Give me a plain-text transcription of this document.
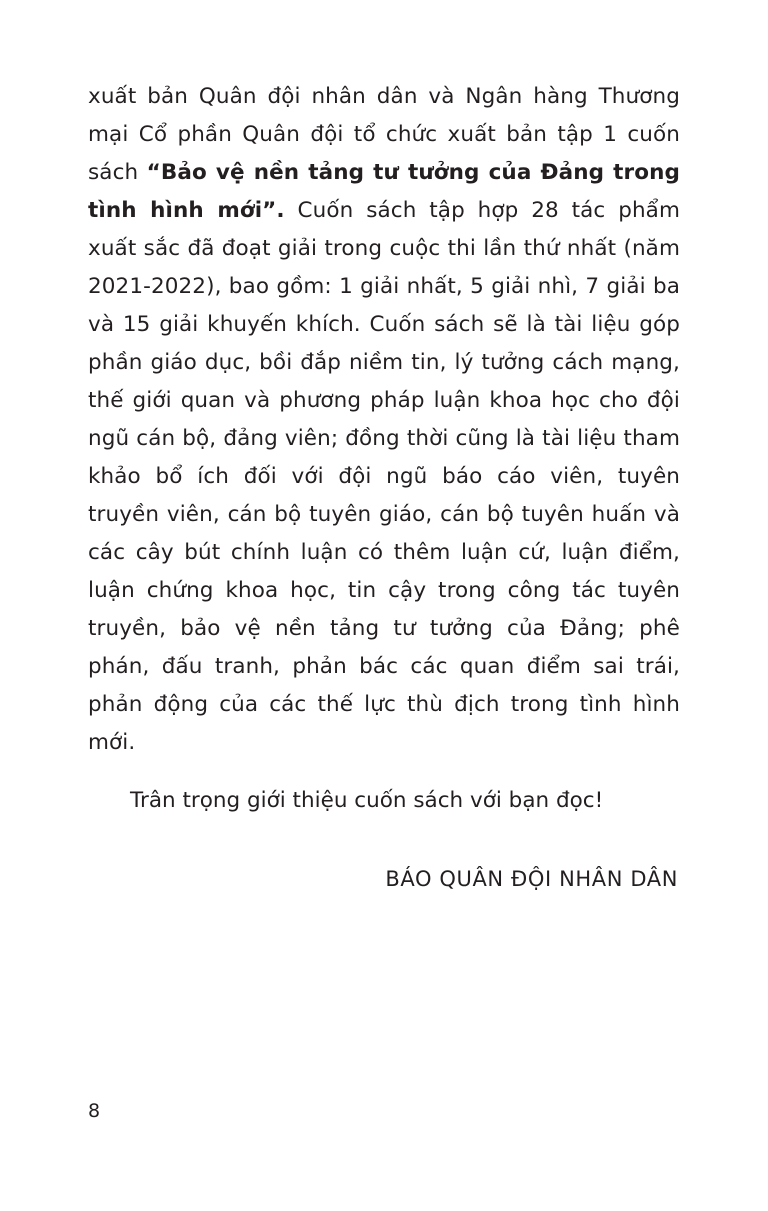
xuất bản Quân đội nhân dân và Ngân hàng Thương mại Cổ phần Quân đội tổ chức xuất bản tập 1 cuốn sách “Bảo vệ nền tảng tư tưởng của Đảng trong tình hình mới”. Cuốn sách tập hợp 28 tác phẩm xuất sắc đã đoạt giải trong cuộc thi lần thứ nhất (năm 2021-2022), bao gồm: 1 giải nhất, 5 giải nhì, 7 giải ba và 15 giải khuyến khích. Cuốn sách sẽ là tài liệu góp phần giáo dục, bồi đắp niềm tin, lý tưởng cách mạng, thế giới quan và phương pháp luận khoa học cho đội ngũ cán bộ, đảng viên; đồng thời cũng là tài liệu tham khảo bổ ích đối với đội ngũ báo cáo viên, tuyên truyền viên, cán bộ tuyên giáo, cán bộ tuyên huấn và các cây bút chính luận có thêm luận cứ, luận điểm, luận chứng khoa học, tin cậy trong công tác tuyên truyền, bảo vệ nền tảng tư tưởng của Đảng; phê phán, đấu tranh, phản bác các quan điểm sai trái, phản động của các thế lực thù địch trong tình hình mới.

Trân trọng giới thiệu cuốn sách với bạn đọc!

BÁO QUÂN ĐỘI NHÂN DÂN
8
